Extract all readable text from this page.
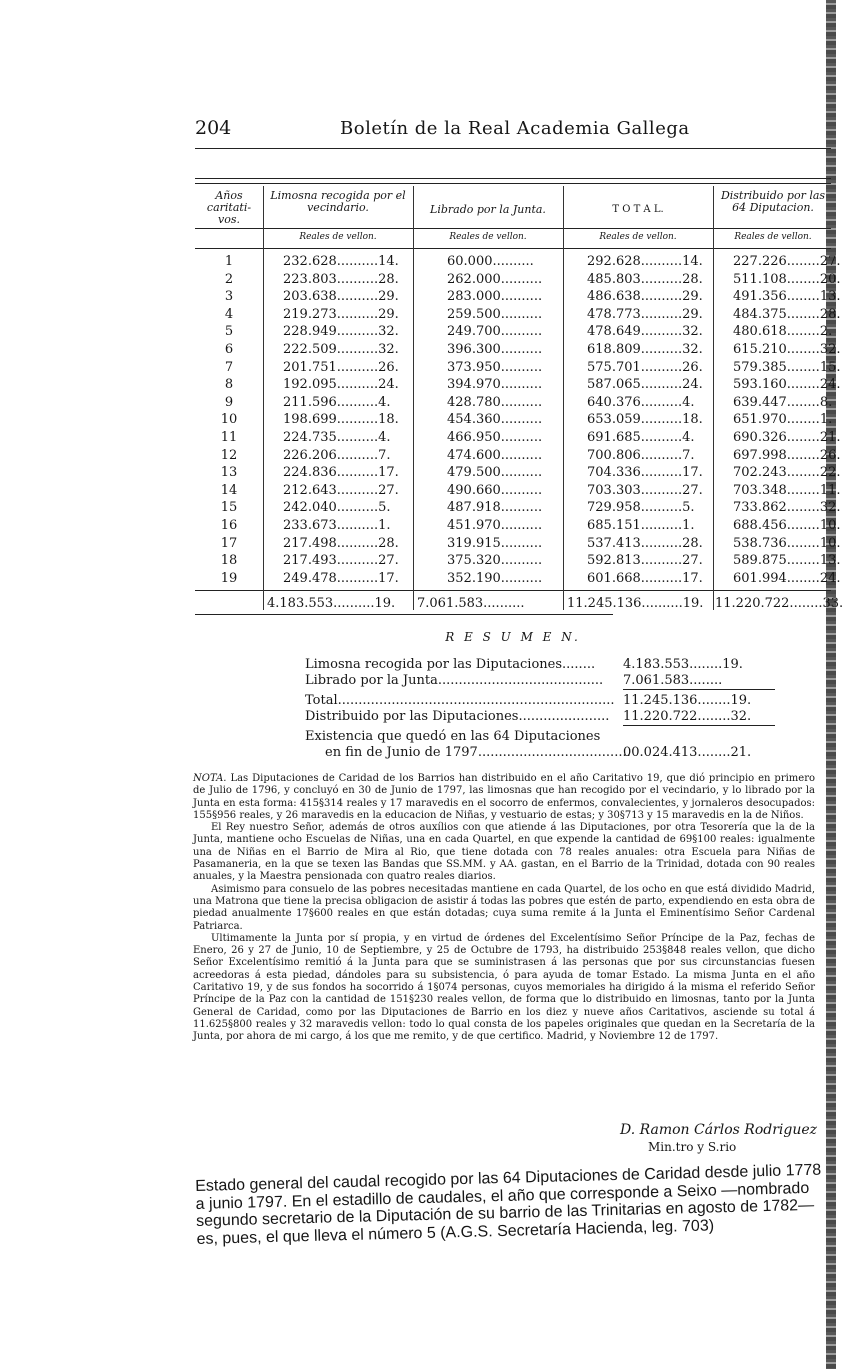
204	Boletín de la Real Academia Gallega
Años caritati-vos.
Limosna recogida por el vecindario.	Librado por la Junta.	T O T A L.
Distribuido por las 64 Diputacion.
Reales de vellon.	Reales de vellon.	Reales de vellon.	Reales de vellon.
1	232.628..........14.	60.000..........	292.628..........14. 227.226........27.
2	223.803..........28.	262.000..........	485.803..........28. 511.108........20.
3	203.638..........29.	283.000..........	486.638..........29. 491.356........13.
4	219.273..........29.	259.500..........	478.773..........29. 484.375........28.
5	228.949..........32.	249.700..........	478.649..........32. 480.618........2.
6	222.509..........32.	396.300..........	618.809..........32. 615.210........32.
7	201.751..........26.	373.950..........	575.701..........26. 579.385........15.
8	192.095..........24.	394.970..........	587.065..........24. 593.160........24.
9	211.596..........4.	428.780..........	640.376..........4.	639.447........8.
10	198.699..........18.	454.360..........	653.059..........18. 651.970........1.
11	224.735..........4.	466.950..........	691.685..........4.	690.326........21.
12	226.206..........7.	474.600..........	700.806..........7.	697.998........26.
13	224.836..........17.	479.500..........	704.336..........17. 702.243........22.
14	212.643..........27.	490.660..........	703.303..........27. 703.348........11.
15	242.040..........5.	487.918..........	729.958..........5.	733.862........32.
16	233.673..........1.	451.970..........	685.151..........1.	688.456........10.
17	217.498..........28.	319.915..........	537.413..........28. 538.736........10.
18	217.493..........27.	375.320..........	592.813..........27. 589.875........13.
19	249.478..........17.	352.190..........	601.668..........17. 601.994........24.
4.183.553..........19. 7.061.583..........	11.245.136..........19. 11.220.722........33.
R E S U M E N.
Limosna recogida por las Diputaciones........ 4.183.553........19.
Librado por la Junta........................................ 7.061.583........
Total................................................................... 11.245.136........19.
Distribuido por las Diputaciones...................... 11.220.722........32.
Existencia que quedó en las 64 Diputaciones
en fin de Junio de 1797.....................................
00.024.413........21.

NOTA. Las Diputaciones de Caridad de los Barrios han distribuido en el año Caritativo 19, que dió principio en primero de Julio de 1796, y concluyó en 30 de Junio de 1797, las limosnas que han recogido por el vecindario, y lo librado por la Junta en esta forma: 415§314 reales y 17 maravedis en el socorro de enfermos, convalecientes, y jornaleros desocupados: 155§956 reales, y 26 maravedis en la educacion de Niñas, y vestuario de estas; y 30§713 y 15 maravedis en la de Niños.

El Rey nuestro Señor, además de otros auxílios con que atiende á las Diputaciones, por otra Tesorería que la de la Junta, mantiene ocho Escuelas de Niñas, una en cada Quartel, en que expende la cantidad de 69§100 reales: igualmente una de Niñas en el Barrio de Mira al Rio, que tiene dotada con 78 reales anuales: otra Escuela para Niñas de Pasamaneria, en la que se texen las Bandas que SS.MM. y AA. gastan, en el Barrio de la Trinidad, dotada con 90 reales anuales, y la Maestra pensionada con quatro reales diarios.

Asimismo para consuelo de las pobres necesitadas mantiene en cada Quartel, de los ocho en que está dividido Madrid, una Matrona que tiene la precisa obligacion de asistir á todas las pobres que estén de parto, expendiendo en esta obra de piedad anualmente 17§600 reales en que están dotadas; cuya suma remite á la Junta el Eminentísimo Señor Cardenal Patriarca.

Ultimamente la Junta por sí propia, y en virtud de órdenes del Excelentísimo Señor Príncipe de la Paz, fechas de Enero, 26 y 27 de Junio, 10 de Septiembre, y 25 de Octubre de 1793, ha distribuido 253§848 reales vellon, que dicho Señor Excelentísimo remitió á la Junta para que se suministrasen á las personas que por sus circunstancias fuesen acreedoras á esta piedad, dándoles para su subsistencia, ó para ayuda de tomar Estado. La misma Junta en el año Caritativo 19, y de sus fondos ha socorrido á 1§074 personas, cuyos memoriales ha dirigido á la misma el referido Señor Príncipe de la Paz con la cantidad de 151§230 reales vellon, de forma que lo distribuido en limosnas, tanto por la Junta General de Caridad, como por las Diputaciones de Barrio en los diez y nueve años Caritativos, asciende su total á 11.625§800 reales y 32 maravedis vellon: todo lo qual consta de los papeles originales que quedan en la Secretaría de la Junta, por ahora de mi cargo, á los que me remito, y de que certifico. Madrid, y Noviembre 12 de 1797.

D. Ramon Cárlos Rodriguez
Min.tro y S.rio
Estado general del caudal recogido por las 64 Diputaciones de Caridad desde julio 1778 a junio 1797. En el estadillo de caudales, el año que corresponde a Seixo —nombrado segundo secretario de la Diputación de su barrio de las Trinitarias en agosto de 1782— es, pues, el que lleva el número 5 (A.G.S. Secretaría Hacienda, leg. 703)
